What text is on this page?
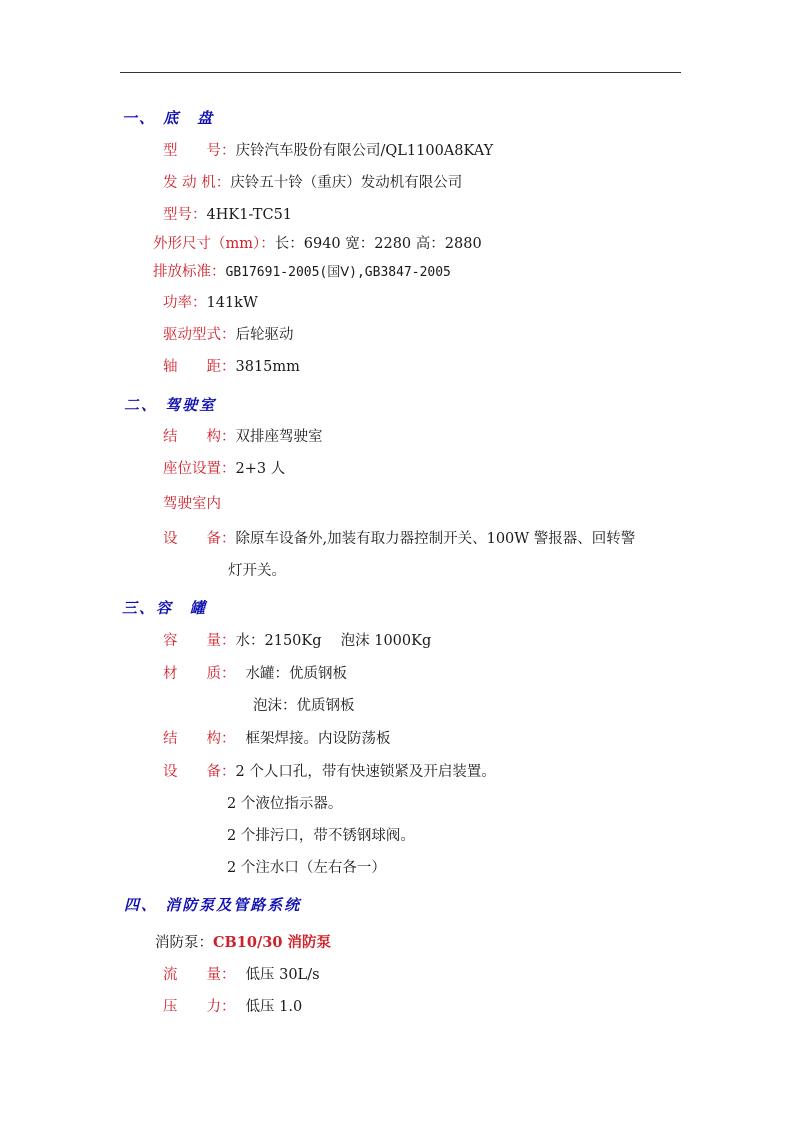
一、 底　盘
型　　号：庆铃汽车股份有限公司/QL1100A8KAY
发 动 机：庆铃五十铃（重庆）发动机有限公司
型号：4HK1-TC51
外形尺寸（mm）：长：6940 宽：2280 高：2880
排放标准：GB17691-2005(国Ⅴ),GB3847-2005
功率：141kW
驱动型式：后轮驱动
轴　　距：3815mm
二、 驾驶室
结　　构：双排座驾驶室
座位设置：2+3 人
驾驶室内
设　　备：除原车设备外,加装有取力器控制开关、100W 警报器、回转警
灯开关。
三、容　罐
容　　量：水：2150Kg　 泡沫 1000Kg
材　　质： 水罐：优质钢板
泡沫：优质钢板
结　　构： 框架焊接。内设防荡板
设　　备：2 个人口孔，带有快速锁紧及开启装置。
2 个液位指示器。
2 个排污口，带不锈钢球阀。
2 个注水口（左右各一）
四、 消防泵及管路系统
消防泵：CB10/30 消防泵
流　　量： 低压 30L/s
压　　力： 低压 1.0
